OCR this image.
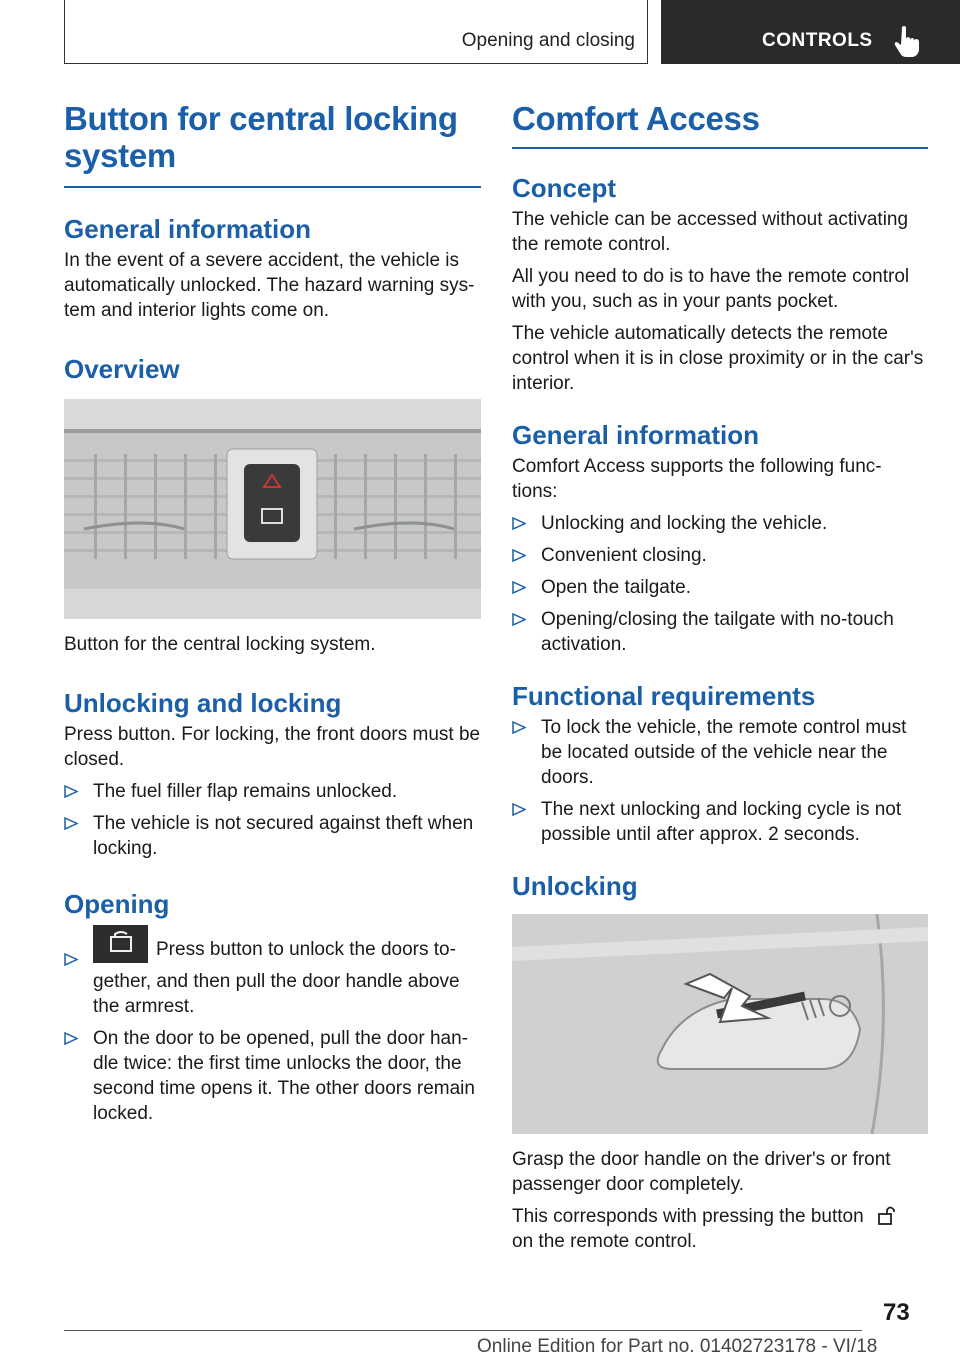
Opening and closing	CONTROLS
Button for central locking system
General information

In the event of a severe accident, the vehicle is automatically unlocked. The hazard warning sys- tem and interior lights come on.

Overview

Button for the central locking system.

Unlocking and locking

Press button. For locking, the front doors must be closed.

The fuel filler flap remains unlocked.
The vehicle is not secured against theft when locking.
Opening
Press button to unlock the doors to- gether, and then pull the door handle above the armrest.
On the door to be opened, pull the door han- dle twice: the first time unlocks the door, the second time opens it. The other doors remain locked.
Comfort Access
Concept

The vehicle can be accessed without activating the remote control.

All you need to do is to have the remote control with you, such as in your pants pocket.

The vehicle automatically detects the remote control when it is in close proximity or in the car's interior.

General information

Comfort Access supports the following func- tions:

Unlocking and locking the vehicle.
Convenient closing.
Open the tailgate.
Opening/closing the tailgate with no-touch activation.
Functional requirements
To lock the vehicle, the remote control must be located outside of the vehicle near the doors.
The next unlocking and locking cycle is not possible until after approx. 2 seconds.
Unlocking

Grasp the door handle on the driver's or front passenger door completely.

This corresponds with pressing the button
on the remote control.

73
Online Edition for Part no. 01402723178 - VI/18
